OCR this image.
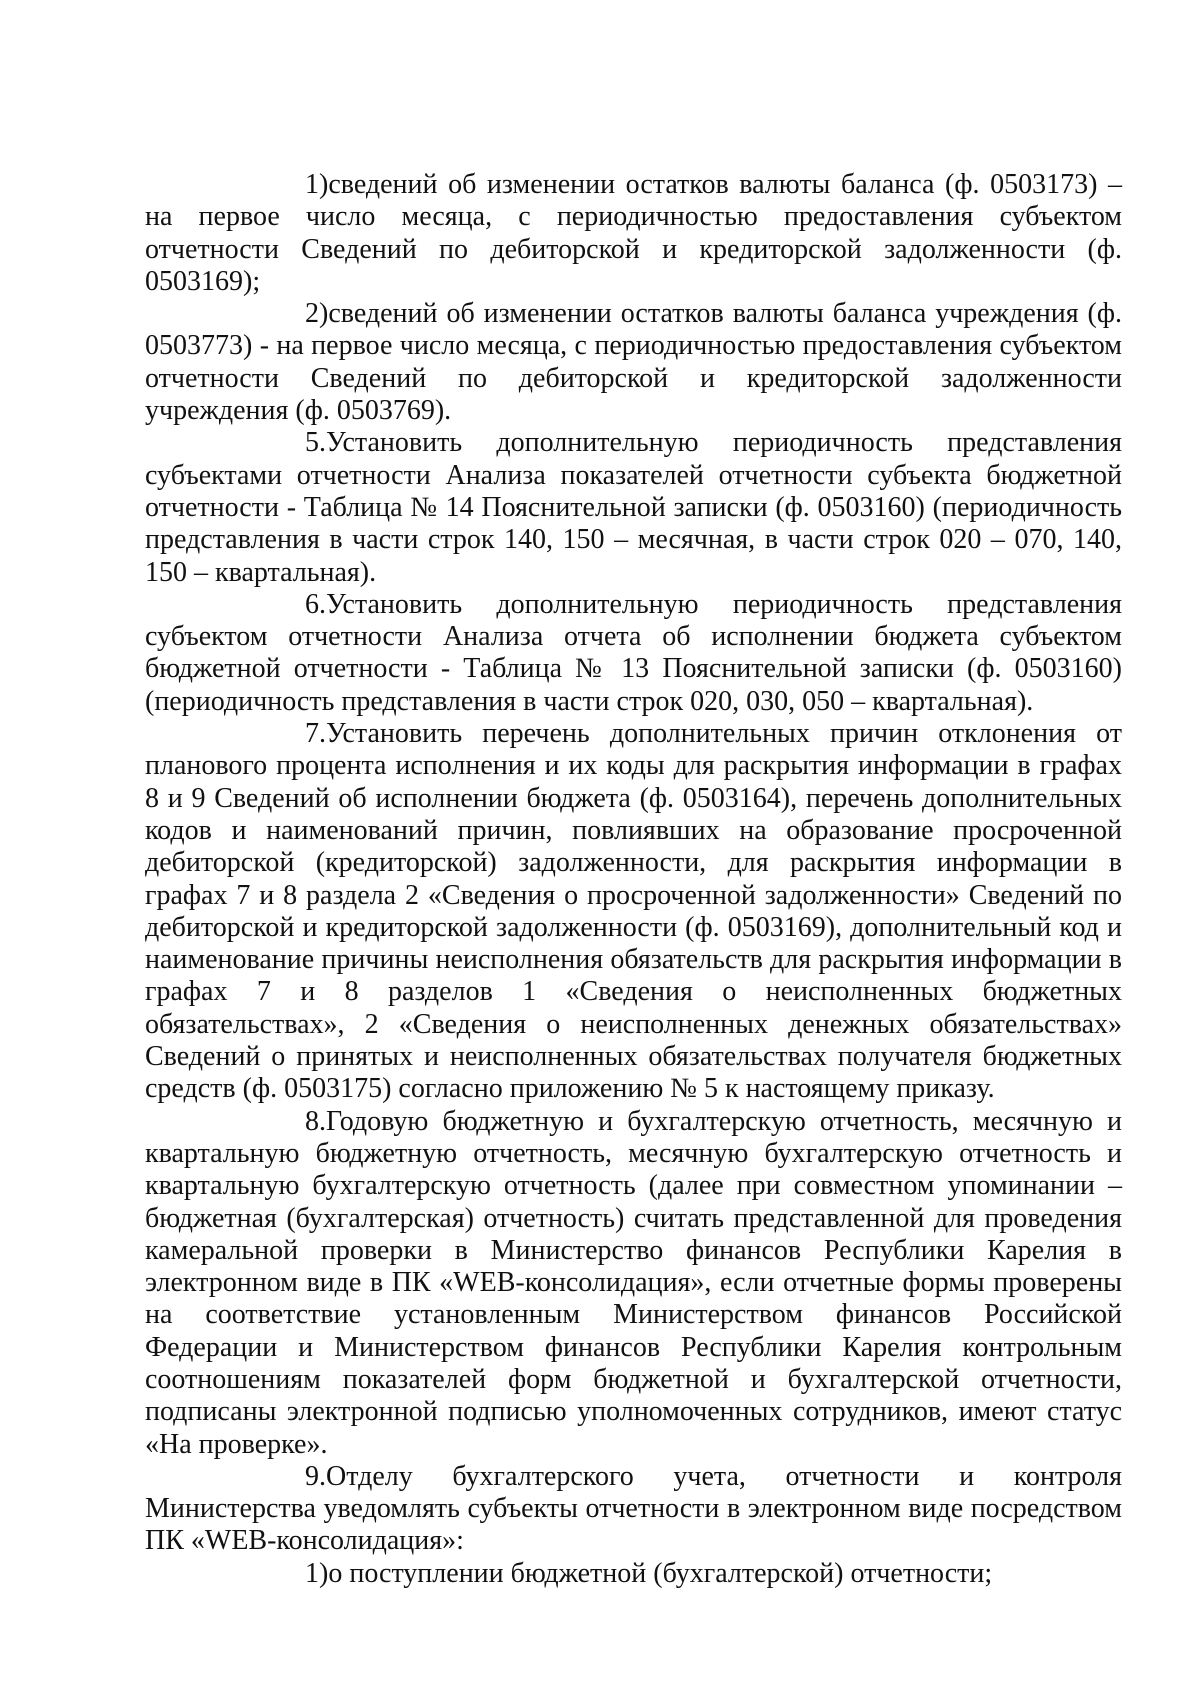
1)сведений об изменении остатков валюты баланса (ф. 0503173) – на первое число месяца, с периодичностью предоставления субъектом отчетности Сведений по дебиторской и кредиторской задолженности (ф. 0503169);

2)сведений об изменении остатков валюты баланса учреждения (ф. 0503773) - на первое число месяца, с периодичностью предоставления субъектом отчетности Сведений по дебиторской и кредиторской задолженности учреждения (ф. 0503769).

5.Установить дополнительную периодичность представления субъектами отчетности Анализа показателей отчетности субъекта бюджетной отчетности - Таблица № 14 Пояснительной записки (ф. 0503160) (периодичность представления в части строк 140, 150 – месячная, в части строк 020 – 070, 140, 150 – квартальная).

6.Установить дополнительную периодичность представления субъектом отчетности Анализа отчета об исполнении бюджета субъектом бюджетной отчетности - Таблица № 13 Пояснительной записки (ф. 0503160) (периодичность представления в части строк 020, 030, 050 – квартальная).

7.Установить перечень дополнительных причин отклонения от планового процента исполнения и их коды для раскрытия информации в графах 8 и 9 Сведений об исполнении бюджета (ф. 0503164), перечень дополнительных кодов и наименований причин, повлиявших на образование просроченной дебиторской (кредиторской) задолженности, для раскрытия информации в графах 7 и 8 раздела 2 «Сведения о просроченной задолженности» Сведений по дебиторской и кредиторской задолженности (ф. 0503169), дополнительный код и наименование причины неисполнения обязательств для раскрытия информации в графах 7 и 8 разделов 1 «Сведения о неисполненных бюджетных обязательствах», 2 «Сведения о неисполненных денежных обязательствах» Сведений о принятых и неисполненных обязательствах получателя бюджетных средств (ф. 0503175) согласно приложению № 5 к настоящему приказу.

8.Годовую бюджетную и бухгалтерскую отчетность, месячную и квартальную бюджетную отчетность, месячную бухгалтерскую отчетность и квартальную бухгалтерскую отчетность (далее при совместном упоминании – бюджетная (бухгалтерская) отчетность) считать представленной для проведения камеральной проверки в Министерство финансов Республики Карелия в электронном виде в ПК «WEB-консолидация», если отчетные формы проверены на соответствие установленным Министерством финансов Российской Федерации и Министерством финансов Республики Карелия контрольным соотношениям показателей форм бюджетной и бухгалтерской отчетности, подписаны электронной подписью уполномоченных сотрудников, имеют статус «На проверке».

9.Отделу бухгалтерского учета, отчетности и контроля Министерства уведомлять субъекты отчетности в электронном виде посредством ПК «WEB-консолидация»:

1)о поступлении бюджетной (бухгалтерской) отчетности;
